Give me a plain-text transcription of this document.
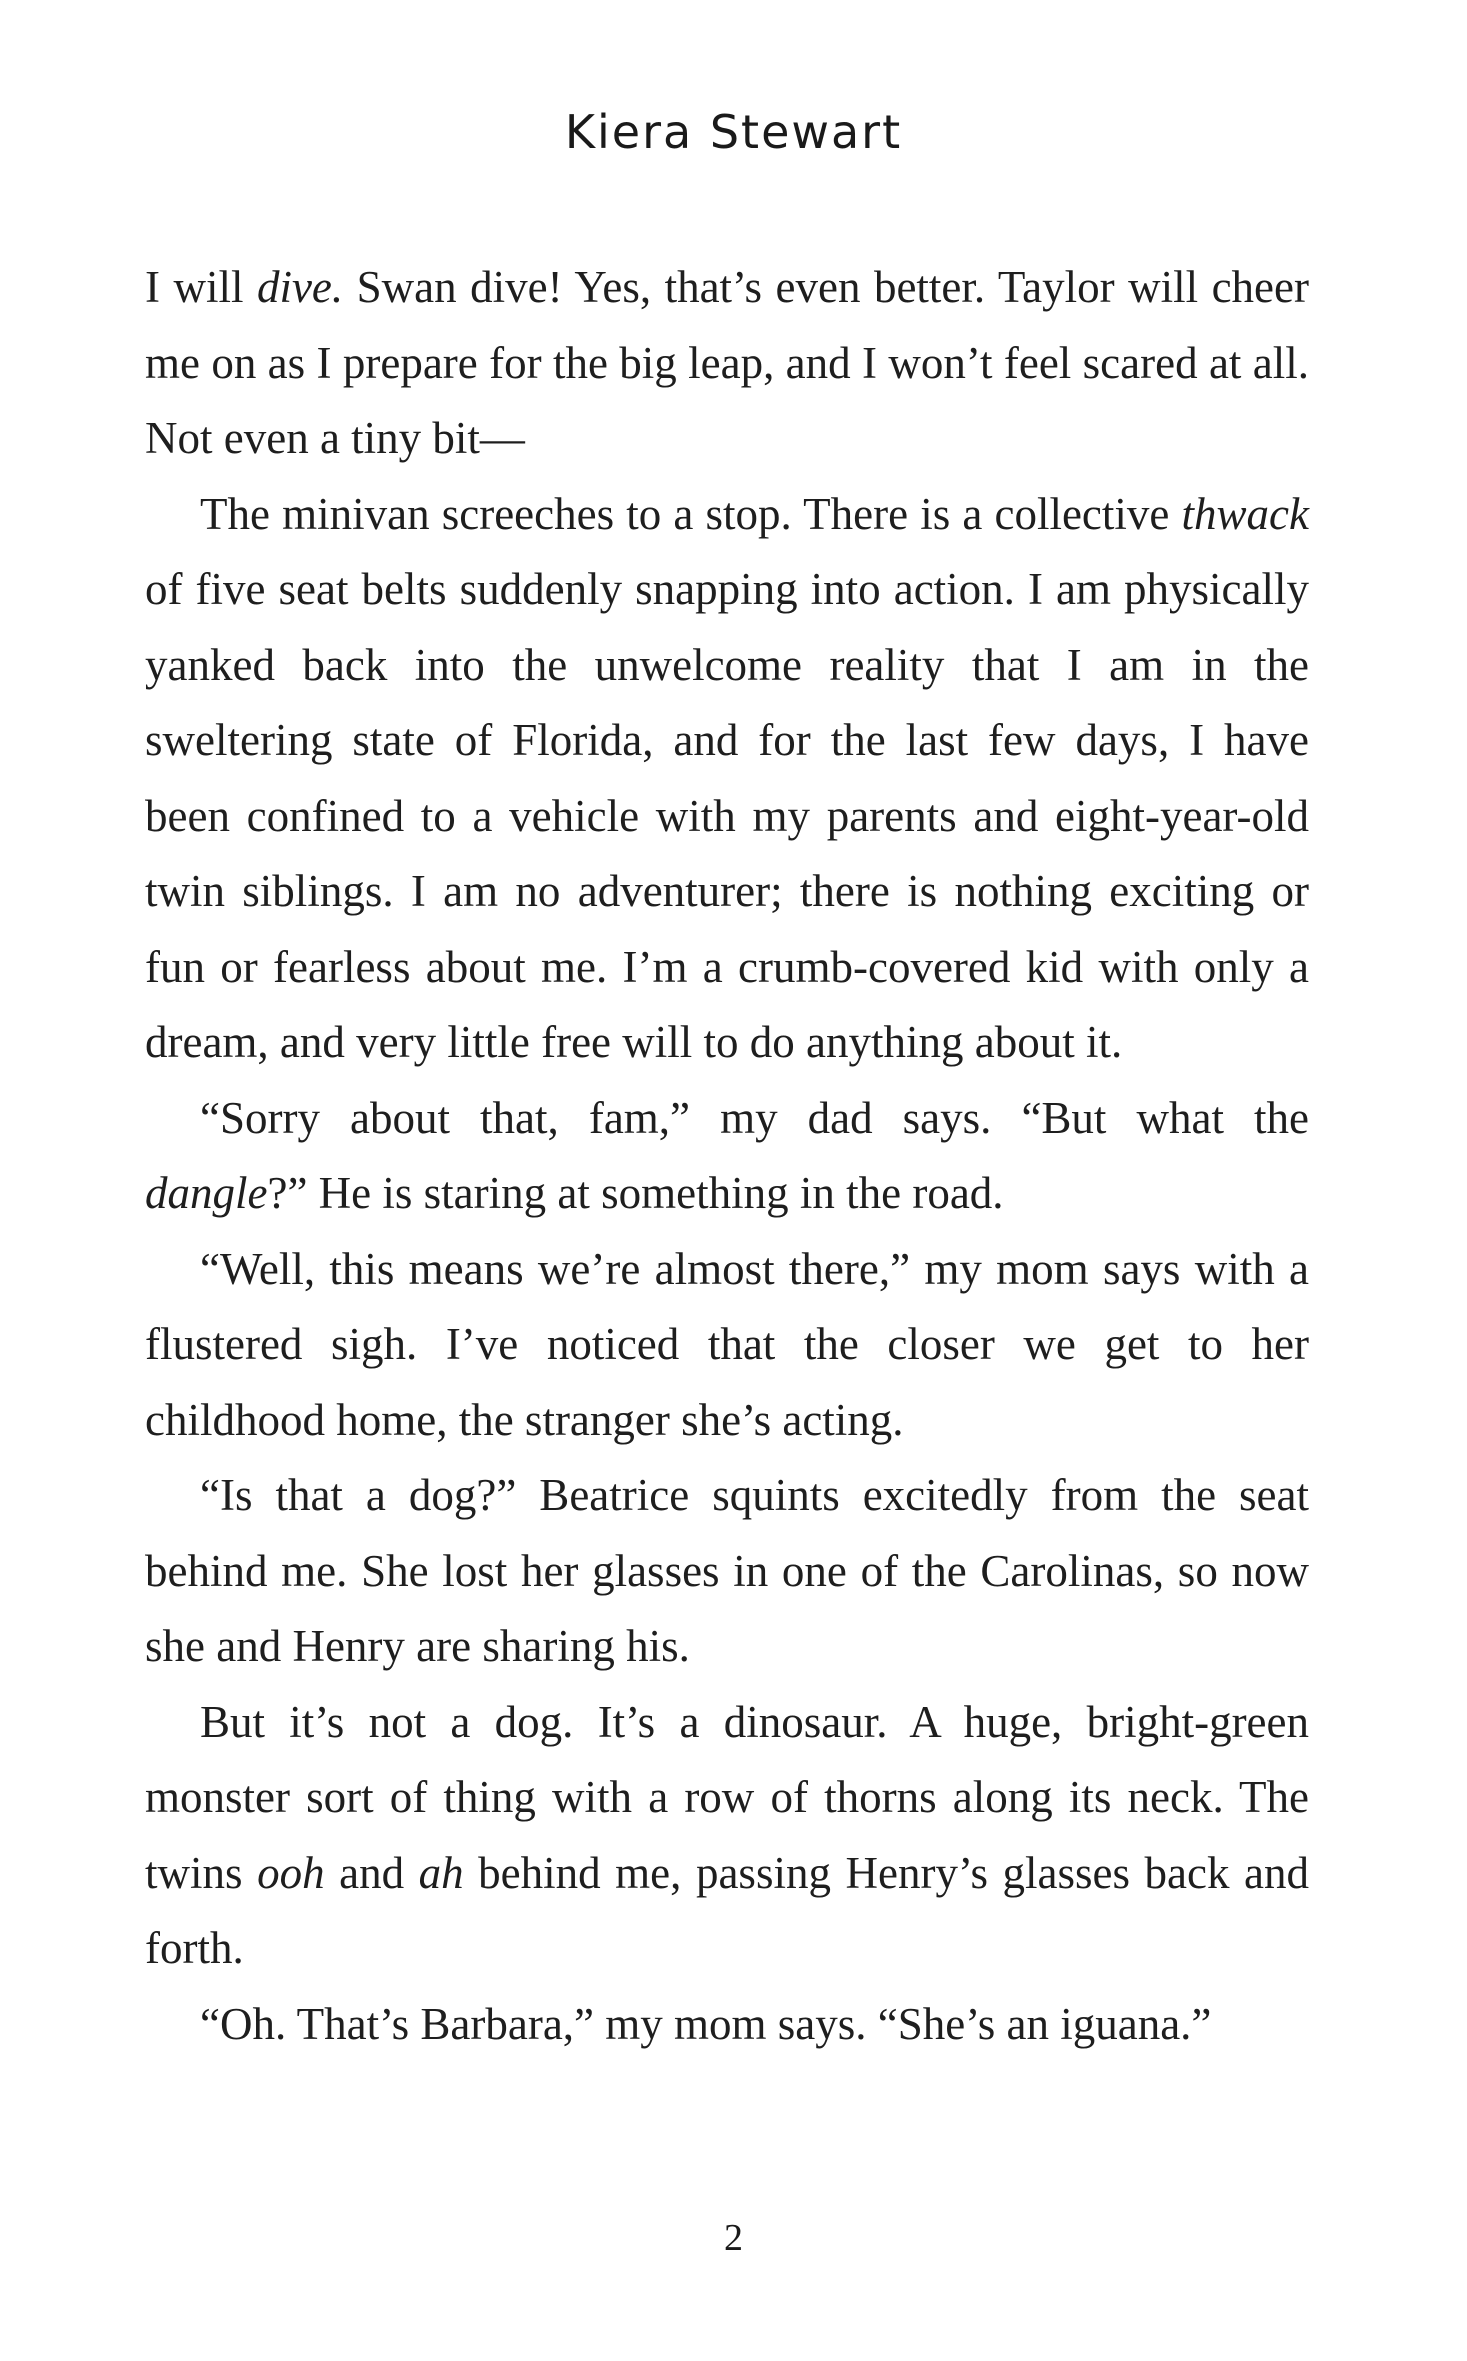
Kiera Stewart

I will dive. Swan dive! Yes, that’s even better. Taylor will cheer me on as I prepare for the big leap, and I won’t feel scared at all. Not even a tiny bit—

The minivan screeches to a stop. There is a collective thwack of five seat belts suddenly snapping into action. I am physically yanked back into the unwelcome reality that I am in the sweltering state of Florida, and for the last few days, I have been confined to a vehicle with my parents and eight-year-old twin siblings. I am no adventurer; there is nothing exciting or fun or fearless about me. I’m a crumb-covered kid with only a dream, and very little free will to do anything about it.

“Sorry about that, fam,” my dad says. “But what the dangle?” He is staring at something in the road.

“Well, this means we’re almost there,” my mom says with a flustered sigh. I’ve noticed that the closer we get to her childhood home, the stranger she’s acting.

“Is that a dog?” Beatrice squints excitedly from the seat behind me. She lost her glasses in one of the Carolinas, so now she and Henry are sharing his.

But it’s not a dog. It’s a dinosaur. A huge, bright-green monster sort of thing with a row of thorns along its neck. The twins ooh and ah behind me, passing Henry’s glasses back and forth.

“Oh. That’s Barbara,” my mom says. “She’s an iguana.”

2
